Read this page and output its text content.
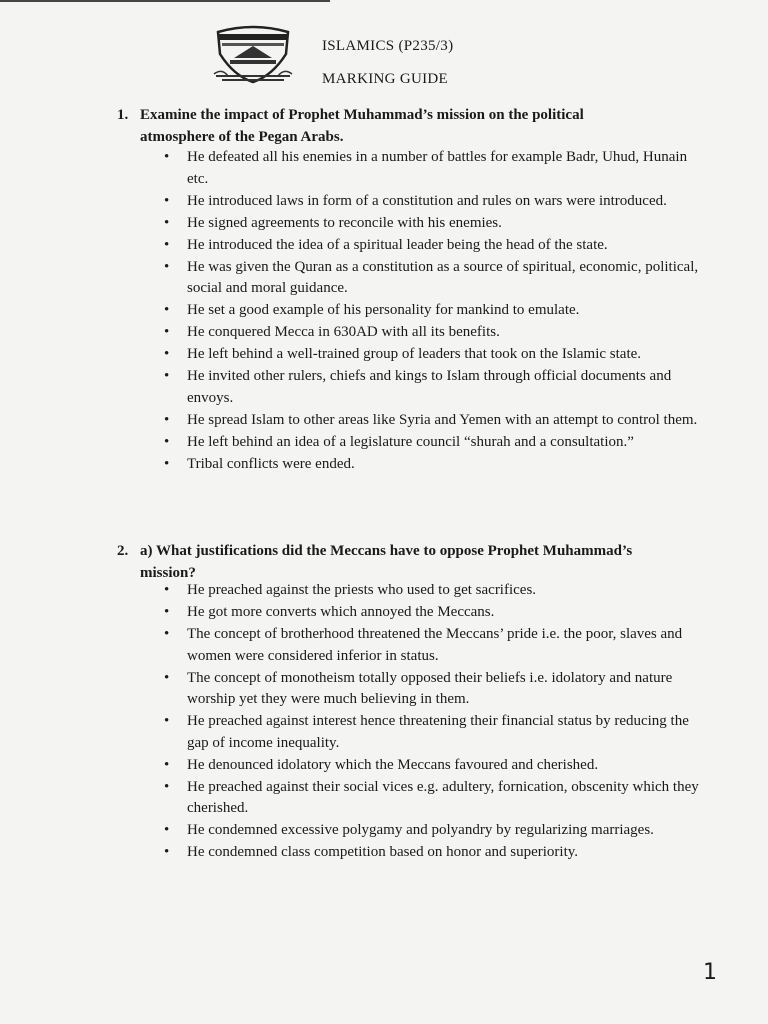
ISLAMICS (P235/3)
MARKING GUIDE
1. Examine the impact of Prophet Muhammad’s mission on the political
atmosphere of the Pegan Arabs.
• He defeated all his enemies in a number of battles for example Badr, Uhud, Hunain etc.
• He introduced laws in form of a constitution and rules on wars were introduced.
• He signed agreements to reconcile with his enemies.
• He introduced the idea of a spiritual leader being the head of the state.
• He was given the Quran as a constitution as a source of spiritual, economic, political, social and moral guidance.
• He set a good example of his personality for mankind to emulate.
• He conquered Mecca in 630AD with all its benefits.
• He left behind a well-trained group of leaders that took on the Islamic state.
• He invited other rulers, chiefs and kings to Islam through official documents and envoys.
• He spread Islam to other areas like Syria and Yemen with an attempt to control them.
• He left behind an idea of a legislature council “shurah and a consultation.”
• Tribal conflicts were ended.
2. a) What justifications did the Meccans have to oppose Prophet Muhammad’s
mission?
• He preached against the priests who used to get sacrifices.
• He got more converts which annoyed the Meccans.
• The concept of brotherhood threatened the Meccans’ pride i.e. the poor, slaves and women were considered inferior in status.
• The concept of monotheism totally opposed their beliefs i.e. idolatory and nature worship yet they were much believing in them.
• He preached against interest hence threatening their financial status by reducing the gap of income inequality.
• He denounced idolatory which the Meccans favoured and cherished.
• He preached against their social vices e.g. adultery, fornication, obscenity which they cherished.
• He condemned excessive polygamy and polyandry by regularizing marriages.
• He condemned class competition based on honor and superiority.
1
